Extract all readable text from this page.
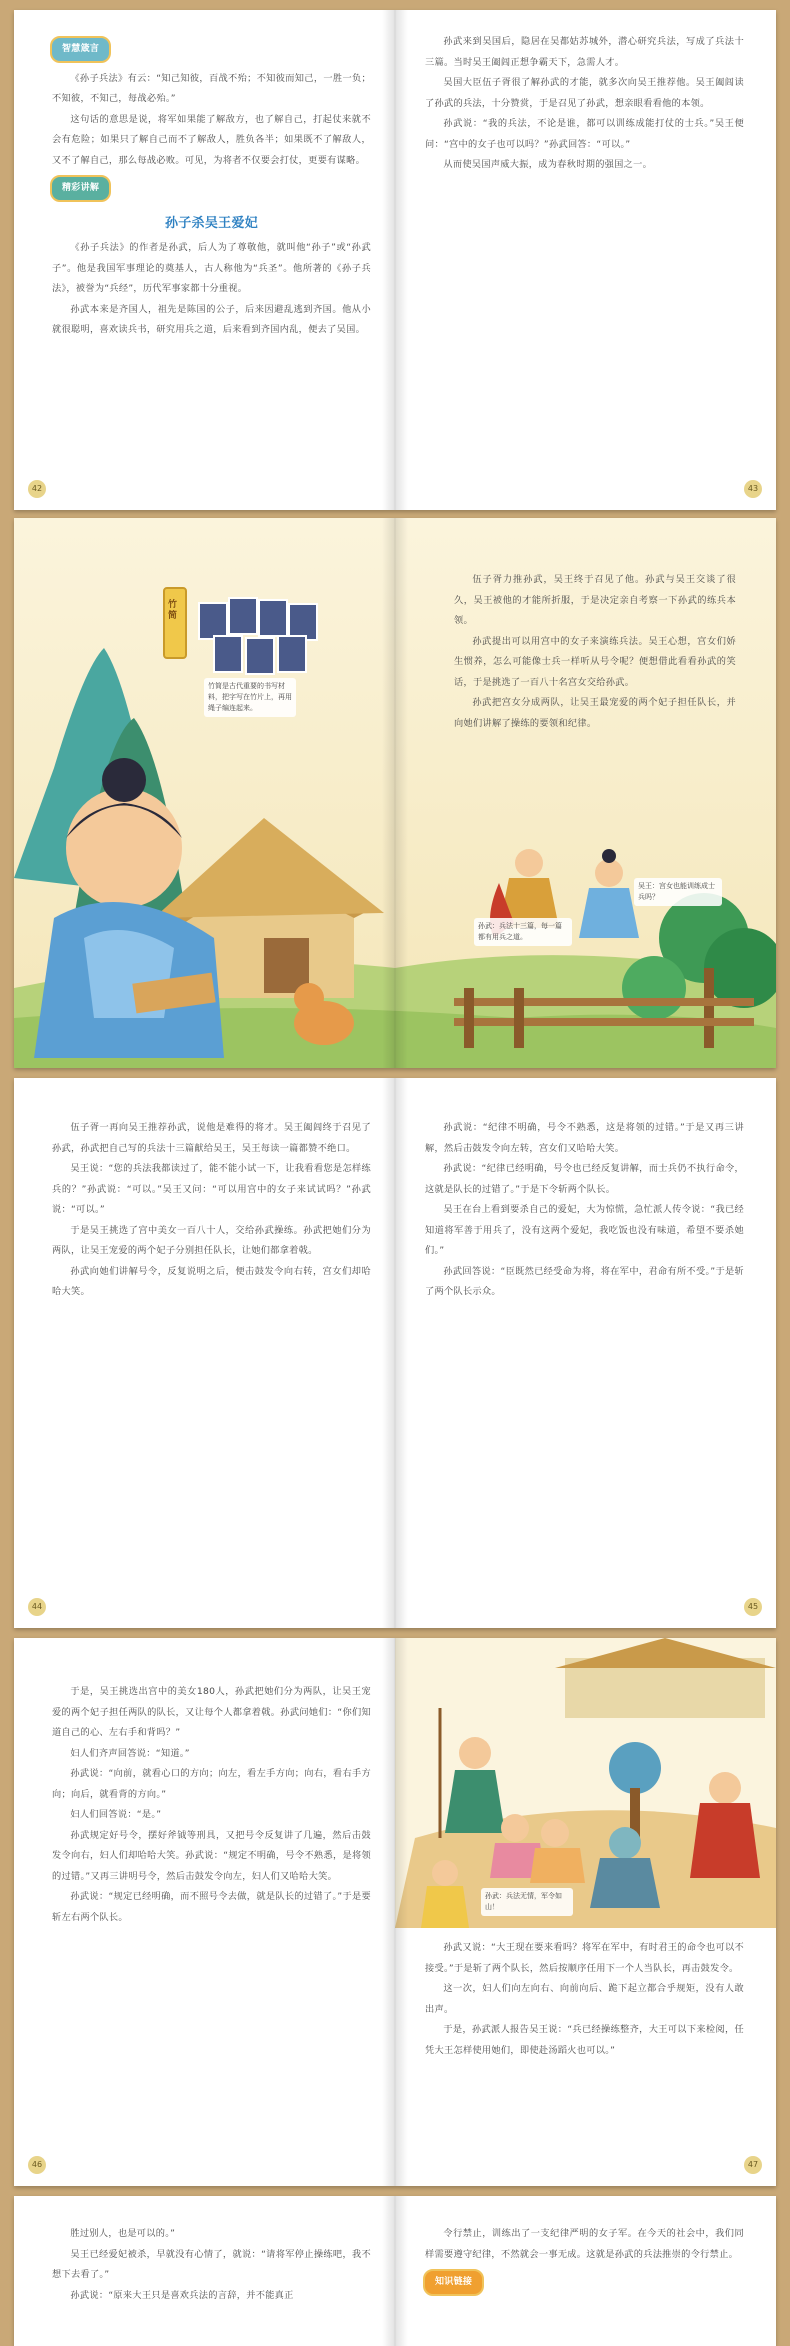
智慧箴言

《孙子兵法》有云：“知己知彼，百战不殆；不知彼而知己，一胜一负；不知彼，不知己，每战必殆。”

这句话的意思是说，将军如果能了解敌方，也了解自己，打起仗来就不会有危险；如果只了解自己而不了解敌人，胜负各半；如果既不了解敌人，又不了解自己，那么每战必败。可见，为将者不仅要会打仗，更要有谋略。

精彩讲解
孙子杀吴王爱妃

《孙子兵法》的作者是孙武，后人为了尊敬他，就叫他“孙子”或“孙武子”。他是我国军事理论的奠基人，古人称他为“兵圣”。他所著的《孙子兵法》，被誉为“兵经”，历代军事家都十分重视。

孙武本来是齐国人，祖先是陈国的公子，后来因避乱逃到齐国。他从小就很聪明，喜欢读兵书，研究用兵之道，后来看到齐国内乱，便去了吴国。

42

孙武来到吴国后，隐居在吴都姑苏城外，潜心研究兵法，写成了兵法十三篇。当时吴王阖闾正想争霸天下，急需人才。

吴国大臣伍子胥很了解孙武的才能，就多次向吴王推荐他。吴王阖闾读了孙武的兵法，十分赞赏，于是召见了孙武，想亲眼看看他的本领。

孙武说：“我的兵法，不论是谁，都可以训练成能打仗的士兵。”吴王便问：“宫中的女子也可以吗？”孙武回答：“可以。”

从而使吴国声威大振，成为春秋时期的强国之一。

43
竹简是古代重要的书写材料，把字写在竹片上，再用绳子编连起来。
竹简
孙武：兵法十三篇，每一篇都有用兵之道。
吴王：宫女也能训练成士兵吗？

伍子胥力推孙武，吴王终于召见了他。孙武与吴王交谈了很久，吴王被他的才能所折服，于是决定亲自考察一下孙武的练兵本领。

孙武提出可以用宫中的女子来演练兵法。吴王心想，宫女们娇生惯养，怎么可能像士兵一样听从号令呢？便想借此看看孙武的笑话，于是挑选了一百八十名宫女交给孙武。

孙武把宫女分成两队，让吴王最宠爱的两个妃子担任队长，并向她们讲解了操练的要领和纪律。

伍子胥一再向吴王推荐孙武，说他是难得的将才。吴王阖闾终于召见了孙武，孙武把自己写的兵法十三篇献给吴王，吴王每读一篇都赞不绝口。

吴王说：“您的兵法我都读过了，能不能小试一下，让我看看您是怎样练兵的？”孙武说：“可以。”吴王又问：“可以用宫中的女子来试试吗？”孙武说：“可以。”

于是吴王挑选了宫中美女一百八十人，交给孙武操练。孙武把她们分为两队，让吴王宠爱的两个妃子分别担任队长，让她们都拿着戟。

孙武向她们讲解号令，反复说明之后，便击鼓发令向右转，宫女们却哈哈大笑。

44

孙武说：“纪律不明确，号令不熟悉，这是将领的过错。”于是又再三讲解，然后击鼓发令向左转，宫女们又哈哈大笑。

孙武说：“纪律已经明确，号令也已经反复讲解，而士兵仍不执行命令，这就是队长的过错了。”于是下令斩两个队长。

吴王在台上看到要杀自己的爱妃，大为惊慌，急忙派人传令说：“我已经知道将军善于用兵了，没有这两个爱妃，我吃饭也没有味道，希望不要杀她们。”

孙武回答说：“臣既然已经受命为将，将在军中，君命有所不受。”于是斩了两个队长示众。

45

于是，吴王挑选出宫中的美女180人，孙武把她们分为两队，让吴王宠爱的两个妃子担任两队的队长，又让每个人都拿着戟。孙武问她们：“你们知道自己的心、左右手和背吗？”

妇人们齐声回答说：“知道。”

孙武说：“向前，就看心口的方向；向左，看左手方向；向右，看右手方向；向后，就看背的方向。”

妇人们回答说：“是。”

孙武规定好号令，摆好斧钺等刑具，又把号令反复讲了几遍，然后击鼓发令向右，妇人们却哈哈大笑。孙武说：“规定不明确，号令不熟悉，是将领的过错。”又再三讲明号令，然后击鼓发令向左，妇人们又哈哈大笑。

孙武说：“规定已经明确，而不照号令去做，就是队长的过错了。”于是要斩左右两个队长。

46
孙武：兵法无情，军令如山！

孙武又说：“大王现在要来看吗？将军在军中，有时君王的命令也可以不接受。”于是斩了两个队长，然后按顺序任用下一个人当队长，再击鼓发令。

这一次，妇人们向左向右、向前向后、跪下起立都合乎规矩，没有人敢出声。

于是，孙武派人报告吴王说：“兵已经操练整齐，大王可以下来检阅，任凭大王怎样使用她们，即使赴汤蹈火也可以。”

47

胜过别人，也是可以的。”

吴王已经爱妃被杀，早就没有心情了，就说：“请将军停止操练吧，我不想下去看了。”

孙武说：“原来大王只是喜欢兵法的言辞，并不能真正

令行禁止，训练出了一支纪律严明的女子军。在今天的社会中，我们同样需要遵守纪律，不然就会一事无成。这就是孙武的兵法推崇的令行禁止。

知识链接
